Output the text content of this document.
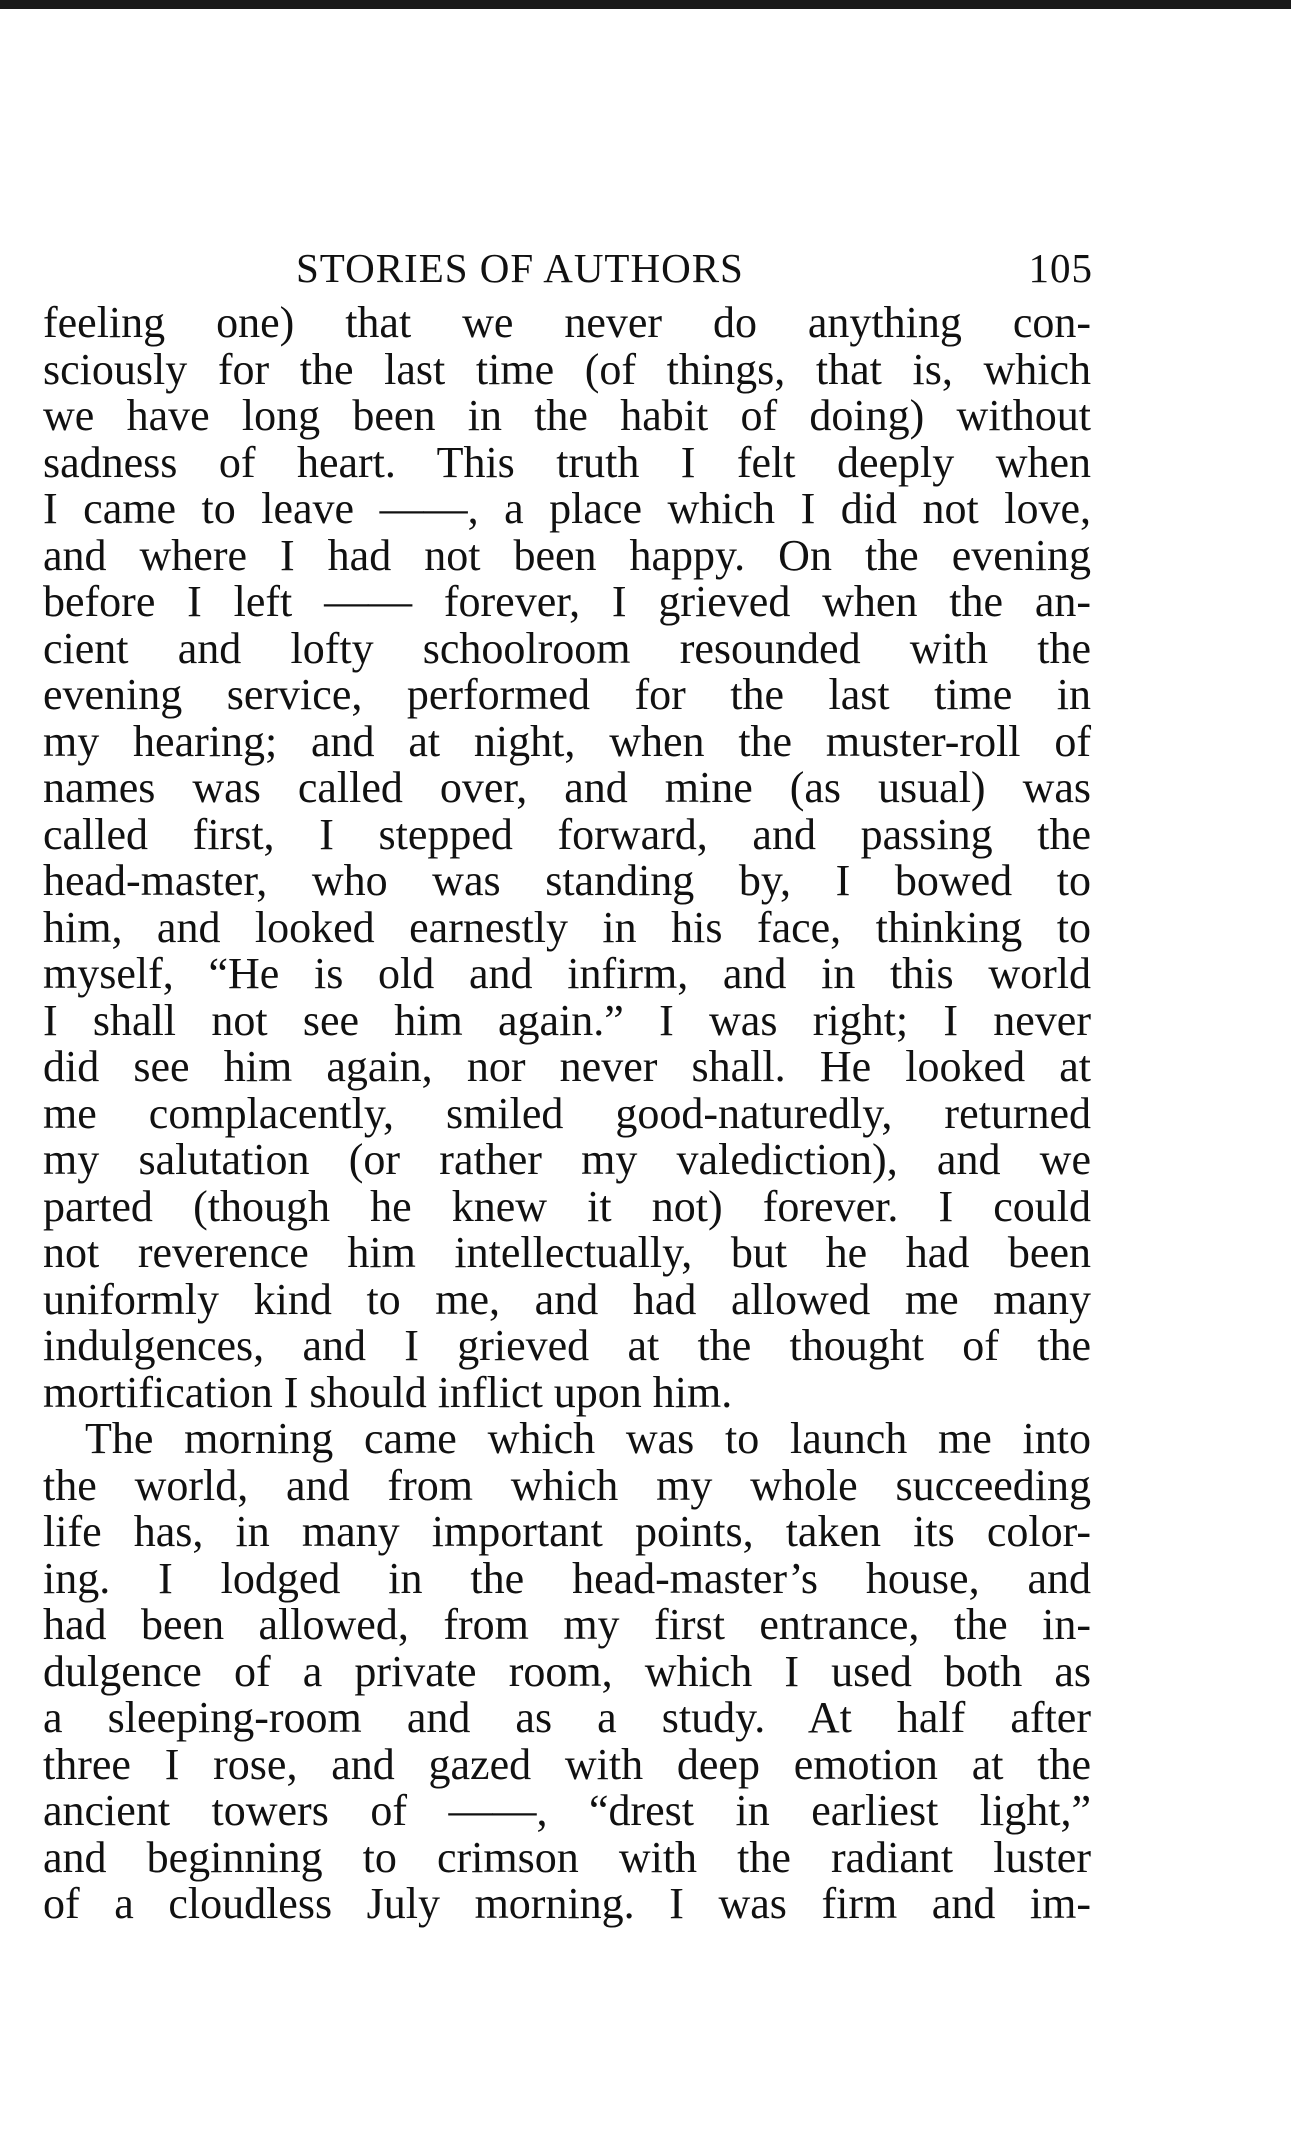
STORIES OF AUTHORS	105
feeling one) that we never do anything con-
sciously for the last time (of things, that is, which
we have long been in the habit of doing) without
sadness of heart. This truth I felt deeply when
I came to leave ——, a place which I did not love,
and where I had not been happy. On the evening
before I left —— forever, I grieved when the an-
cient and lofty schoolroom resounded with the
evening service, performed for the last time in
my hearing; and at night, when the muster-roll of
names was called over, and mine (as usual) was
called first, I stepped forward, and passing the
head-master, who was standing by, I bowed to
him, and looked earnestly in his face, thinking to
myself, “He is old and infirm, and in this world
I shall not see him again.” I was right; I never
did see him again, nor never shall. He looked at
me complacently, smiled good-naturedly, returned
my salutation (or rather my valediction), and we
parted (though he knew it not) forever. I could
not reverence him intellectually, but he had been
uniformly kind to me, and had allowed me many
indulgences, and I grieved at the thought of the
mortification I should inflict upon him.
The morning came which was to launch me into
the world, and from which my whole succeeding
life has, in many important points, taken its color-
ing. I lodged in the head-master’s house, and
had been allowed, from my first entrance, the in-
dulgence of a private room, which I used both as
a sleeping-room and as a study. At half after
three I rose, and gazed with deep emotion at the
ancient towers of ——, “drest in earliest light,”
and beginning to crimson with the radiant luster
of a cloudless July morning. I was firm and im-
